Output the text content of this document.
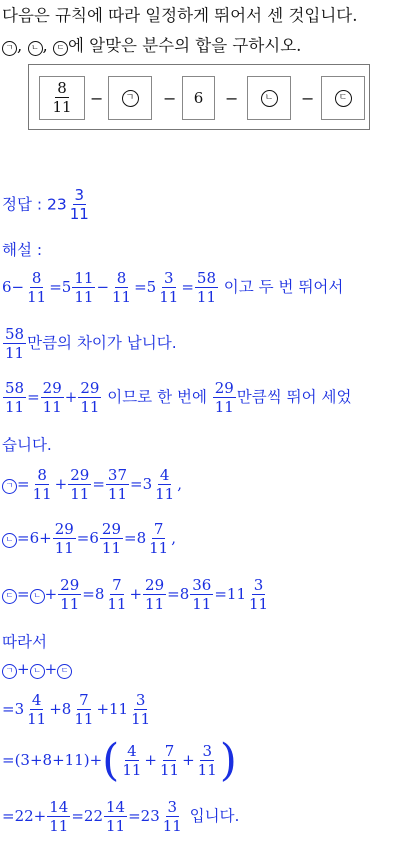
다음은 규칙에 따라 일정하게 뛰어서 센 것입니다.
ㄱ , ㄴ , ㄷ 에 알맞은 분수의 합을 구하시오.
$\frac{8}{11}$ −	ㄱ −	6	−	ㄴ −	ㄷ
정답 : $23 \frac{3}{11}$
해설 :
$6- \frac{8}{11} =5 \frac{11}{11} - \frac{8}{11} =5 \frac{3}{11} = \frac{58}{11}$ 이고 두 번 뛰어서
$\frac{58}{11}$ 만큼의 차이가 납니다.
$\frac{58}{11} = \frac{29}{11} + \frac{29}{11}$ 이므로 한 번에 $\frac{29}{11}$ 만큼씩 뛰어 세었
습니다.
ㄱ = $\frac{8}{11} + \frac{29}{11} = \frac{37}{11} =3 \frac{4}{11}$ ,
ㄴ $=6+ \frac{29}{11} =6 \frac{29}{11} =8 \frac{7}{11}$ ,
ㄷ = ㄴ + $\frac{29}{11} =8 \frac{7}{11} + \frac{29}{11} =8 \frac{36}{11} =11 \frac{3}{11}$
따라서
ㄱ + ㄴ + ㄷ
$=3 \frac{4}{11} +8 \frac{7}{11} +11 \frac{3}{11}$
$=(3+8+11)+( \frac{4}{11} + \frac{7}{11} + \frac{3}{11}$ )
$=22+ \frac{14}{11} =22 \frac{14}{11} =23 \frac{3}{11}$ 입니다.
